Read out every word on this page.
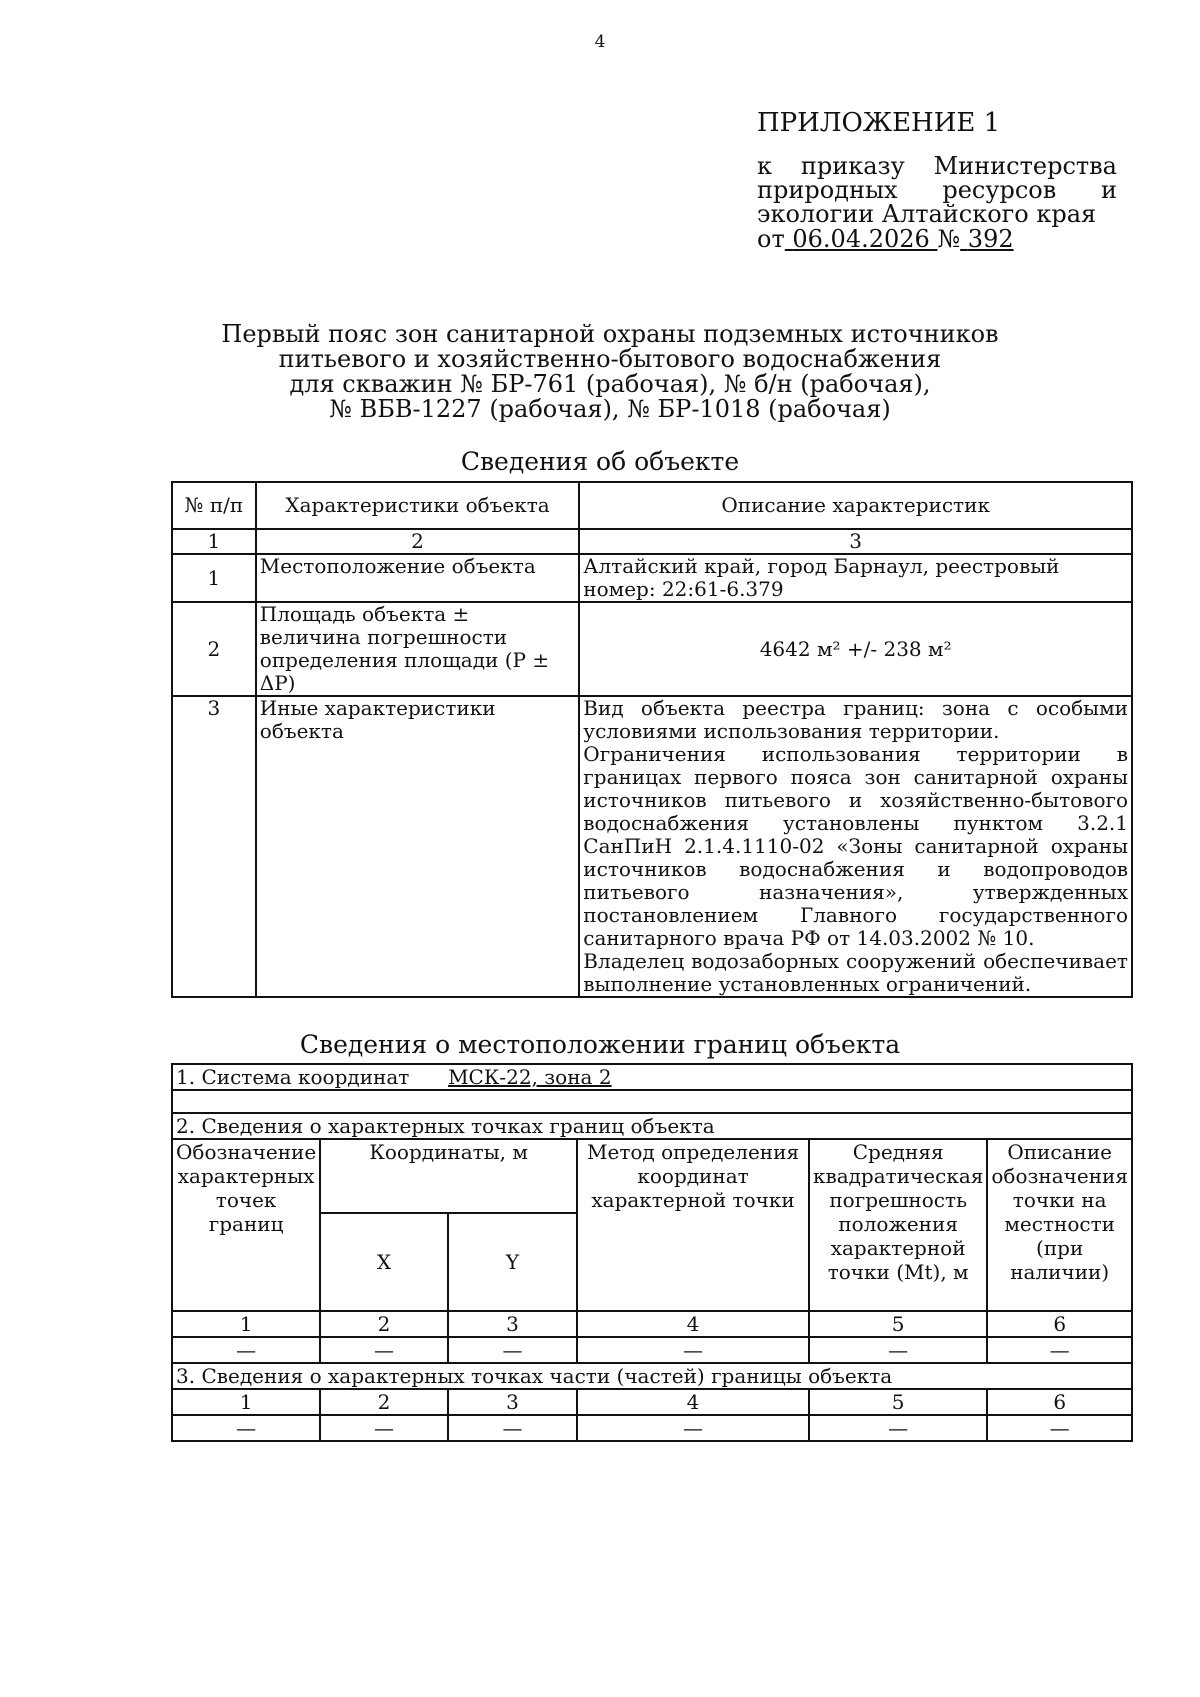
4
ПРИЛОЖЕНИЕ 1
к приказу Министерства природных ресурсов и экологии Алтайского края
от 06.04.2026 № 392
Первый пояс зон санитарной охраны подземных источников
питьевого и хозяйственно-бытового водоснабжения
для скважин № БР-761 (рабочая), № б/н (рабочая),
№ ВБВ-1227 (рабочая), № БР-1018 (рабочая)
Сведения об объекте
№ п/п	Характеристики объекта	Описание характеристик
1	2	3
1	Местоположение объекта	Алтайский край, город Барнаул, реестровый номер: 22:61-6.379
2	Площадь объекта ± величина погрешности определения площади (P ± ΔP)	4642 м² +/- 238 м²
3	Иные характеристики объекта	Вид объекта реестра границ: зона с особыми условиями использования территории.
Ограничения использования территории в границах первого пояса зон санитарной охраны источников питьевого и хозяйственно-бытового водоснабжения установлены пунктом 3.2.1 СанПиН 2.1.4.1110-02 «Зоны санитарной охраны источников водоснабжения и водопроводов питьевого назначения», утвержденных постановлением Главного государственного санитарного врача РФ от 14.03.2002 № 10.
Владелец водозаборных сооружений обеспечивает выполнение установленных ограничений.
Сведения о местоположении границ объекта
1. Система координат МСК-22, зона 2					

2. Сведения о характерных точках границ объекта					
Обозначение характерных точек границ	Координаты, м		Метод определения координат характерной точки	Средняя квадратическая погрешность положения характерной точки (Mt), м	Описание обозначения точки на местности (при наличии)
	X	Y			
1	2	3	4	5	6
—	—	—	—	—	—
3. Сведения о характерных точках части (частей) границы объекта					
1	2	3	4	5	6
—	—	—	—	—	—
